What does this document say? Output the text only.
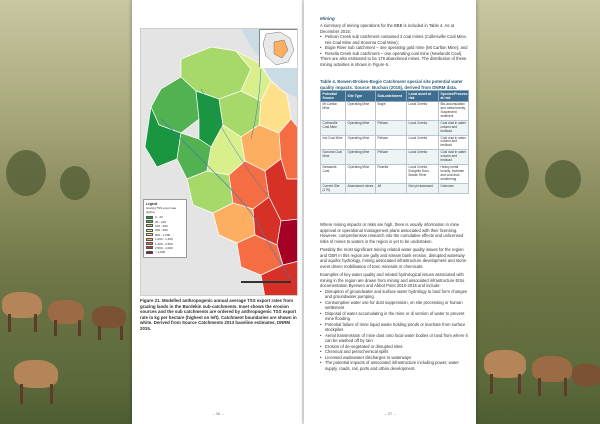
Legend
Grazing TSS export rate (kg/ha)
0 - 20
20 - 100
100 - 300
300 - 600
600 - 1,000
1,000 - 1,400
1,400 - 2,500
2,500 - 4,000
> 4,000
Figure 21. Modelled anthropogenic annual average TSS export rates from grazing lands in the Burdekin sub-catchments. Inset shows the erosion sources and the sub catchments are ordered by anthropogenic TSS export rate in kg per hectare (highest on left). Catchment boundaries are shown in white. Derived from Source Catchments 2013 baseline estimates, DNRM 2015.
– 36 –
Mining
A summary of mining operations for the BBB is included in Table 4. As at December 2015:
• Pelican Creek sub catchment contained 3 coal mines (Collinsville Coal Mine, Isis Coal Mine and Sonoma Coal Mine);
• Bogie River sub catchment – one operating gold mine (Mt Carlton Mine); and
• Rosella Creek sub catchment – one operating coal mine (Newlands Coal).
There are also estimated to be 179 abandoned mines. The distribution of these mining activities is shown in Figure 6.
Table 4. Bowen-Broken-Bogie Catchment special site potential water quality impacts. Source: Buchan (2016), derived from DNRM data.
Potential Source	Site Type	Sub-catchment	Local asset at risk	Species/Process at risk
Mt Carlton Mine	Operating Mine	Bogie	Local Creeks	Bio-accumulation and metal toxicity, Suspended sediment
Collinsville Coal Mine	Operating Mine	Pelican	Local Creeks	Coal dust in water column and bedload
Isis Coal Mine	Operating Mine	Pelican	Local Creeks	Coal dust in water column and bedload
Sonoma Coal Mine	Operating Mine	Pelican	Local Creeks	Coal dust in water column and bedload
Newlands Coal	Operating Mine	Rosella	Local Creeks, Eungella Dam, Bowen River	Heavy metal toxicity, Instream and coal dust smothering
Current Site (179)	Abandoned mines	All	Not yet assessed	Unknown
Where mining impacts or risks are high, there is usually information in mine approval or operational management plans associated with their licensing. However, comprehensive research into the cumulative effects and unlicensed risks of mines to waters in the region is yet to be undertaken.
Possibly the most significant mining related water quality issues for the region and GBR in this region are gully and stream bank erosion, disrupted waterway and aquifer hydrology, mining associated infrastructure development and storm event driven mobilisation of toxic minerals or chemicals.
Examples of key water quality and related hydrological issues associated with mining in the region are drawn from mining and associated infrastructure EISs documentation Byerwen and Abbot Point 2010-2015 and include:
• Disruption of groundwater and surface water hydrology to land form changes and groundwater pumping.
• Consumptive water use for dust suppression, on site processing or human settlement
• Disposal of water accumulating in the mine or di version of water to prevent mine flooding
• Potential failure of mine liquid waste holding ponds or leachate from surface stockpiles
• Aerial transmission of mine dust onto local water bodies or land from where it can be washed off by rain
• Erosion of de-vegetated or disrupted sites
• Chemical and petrochemical spills
• Licensed wastewater discharges to waterways
• The potential impacts of associated infrastructure including power, water supply, roads, rail, ports and urban development.
– 37 –
